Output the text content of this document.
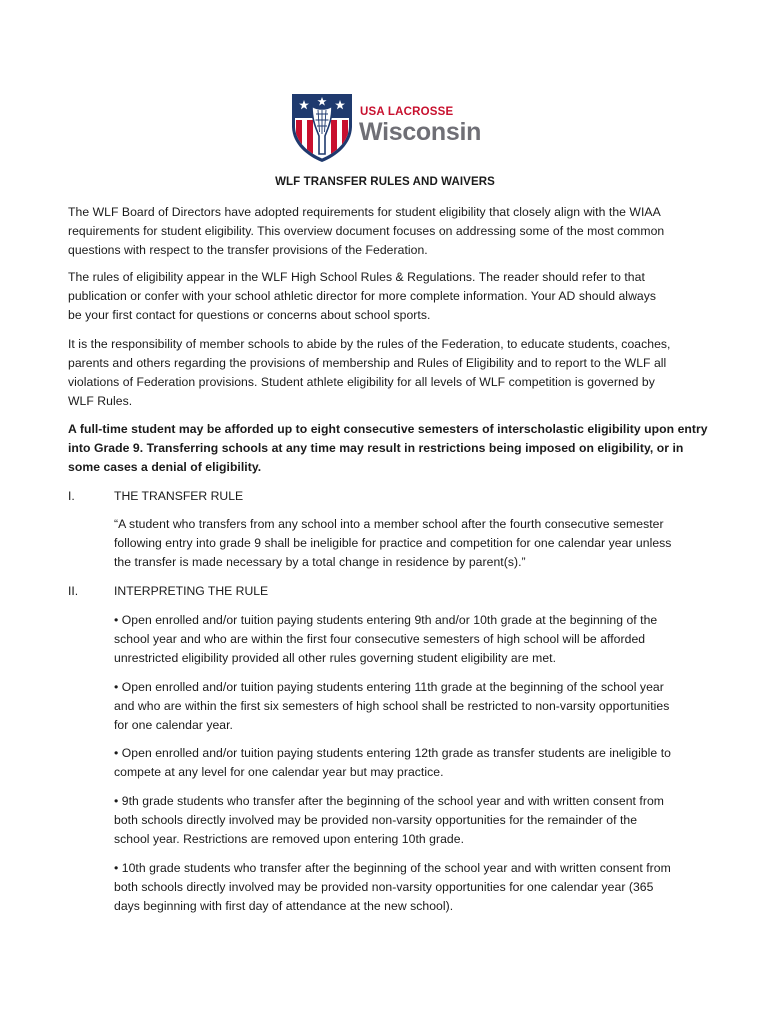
USA LACROSSE
Wisconsin
WLF TRANSFER RULES AND WAIVERS
The WLF Board of Directors have adopted requirements for student eligibility that closely align with the WIAA
requirements for student eligibility. This overview document focuses on addressing some of the most common
questions with respect to the transfer provisions of the Federation.
The rules of eligibility appear in the WLF High School Rules & Regulations. The reader should refer to that
publication or confer with your school athletic director for more complete information. Your AD should always
be your first contact for questions or concerns about school sports.
It is the responsibility of member schools to abide by the rules of the Federation, to educate students, coaches,
parents and others regarding the provisions of membership and Rules of Eligibility and to report to the WLF all
violations of Federation provisions. Student athlete eligibility for all levels of WLF competition is governed by
WLF Rules.
A full-time student may be afforded up to eight consecutive semesters of interscholastic eligibility upon entry
into Grade 9. Transferring schools at any time may result in restrictions being imposed on eligibility, or in
some cases a denial of eligibility.
I.	THE TRANSFER RULE
“A student who transfers from any school into a member school after the fourth consecutive semester
following entry into grade 9 shall be ineligible for practice and competition for one calendar year unless
the transfer is made necessary by a total change in residence by parent(s).”
II.	INTERPRETING THE RULE
• Open enrolled and/or tuition paying students entering 9th and/or 10th grade at the beginning of the
school year and who are within the first four consecutive semesters of high school will be afforded
unrestricted eligibility provided all other rules governing student eligibility are met.
• Open enrolled and/or tuition paying students entering 11th grade at the beginning of the school year
and who are within the first six semesters of high school shall be restricted to non-varsity opportunities
for one calendar year.
• Open enrolled and/or tuition paying students entering 12th grade as transfer students are ineligible to
compete at any level for one calendar year but may practice.
• 9th grade students who transfer after the beginning of the school year and with written consent from
both schools directly involved may be provided non-varsity opportunities for the remainder of the
school year. Restrictions are removed upon entering 10th grade.
• 10th grade students who transfer after the beginning of the school year and with written consent from
both schools directly involved may be provided non-varsity opportunities for one calendar year (365
days beginning with first day of attendance at the new school).
